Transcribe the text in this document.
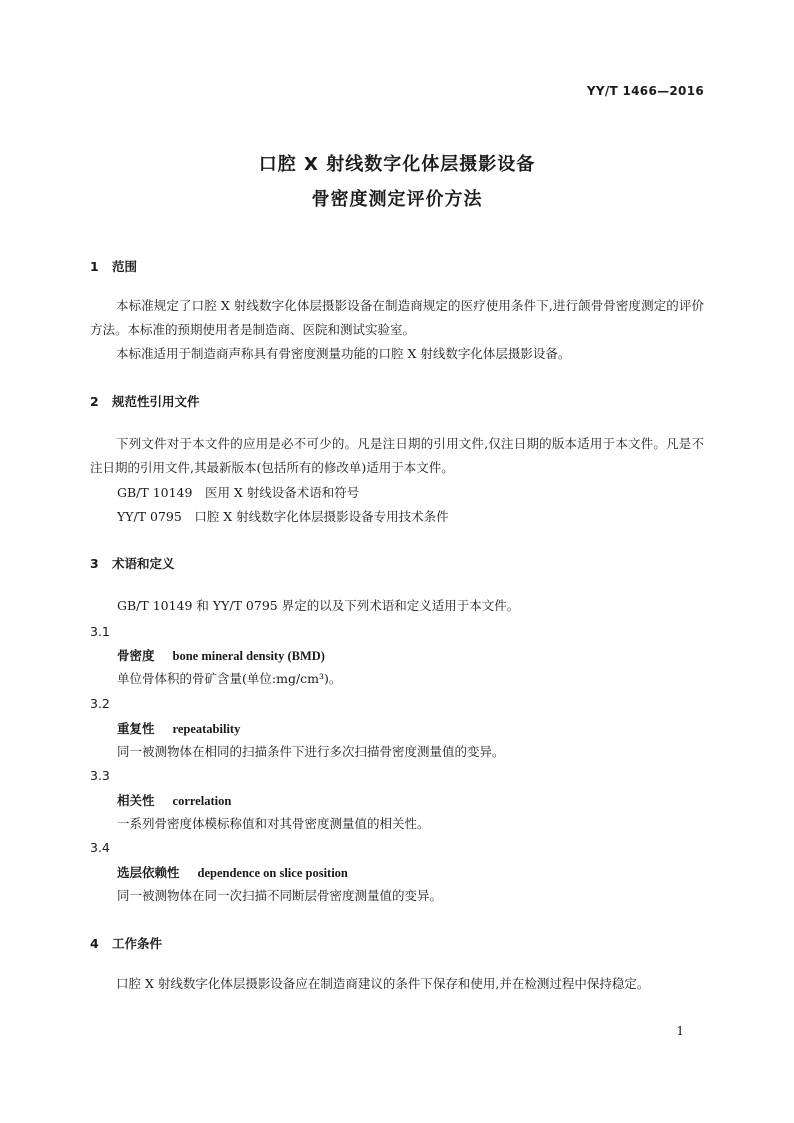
YY/T 1466—2016
口腔 X 射线数字化体层摄影设备
骨密度测定评价方法
1 范围
本标准规定了口腔 X 射线数字化体层摄影设备在制造商规定的医疗使用条件下,进行颌骨骨密度测定的评价方法。本标准的预期使用者是制造商、医院和测试实验室。
本标准适用于制造商声称具有骨密度测量功能的口腔 X 射线数字化体层摄影设备。
2 规范性引用文件
下列文件对于本文件的应用是必不可少的。凡是注日期的引用文件,仅注日期的版本适用于本文件。凡是不注日期的引用文件,其最新版本(包括所有的修改单)适用于本文件。
GB/T 10149　医用 X 射线设备术语和符号
YY/T 0795　口腔 X 射线数字化体层摄影设备专用技术条件
3 术语和定义
GB/T 10149 和 YY/T 0795 界定的以及下列术语和定义适用于本文件。
3.1
骨密度 bone mineral density (BMD)
单位骨体积的骨矿含量(单位:mg/cm³)。
3.2
重复性 repeatability
同一被测物体在相同的扫描条件下进行多次扫描骨密度测量值的变异。
3.3
相关性 correlation
一系列骨密度体模标称值和对其骨密度测量值的相关性。
3.4
选层依赖性 dependence on slice position
同一被测物体在同一次扫描不同断层骨密度测量值的变异。
4 工作条件
口腔 X 射线数字化体层摄影设备应在制造商建议的条件下保存和使用,并在检测过程中保持稳定。
1
